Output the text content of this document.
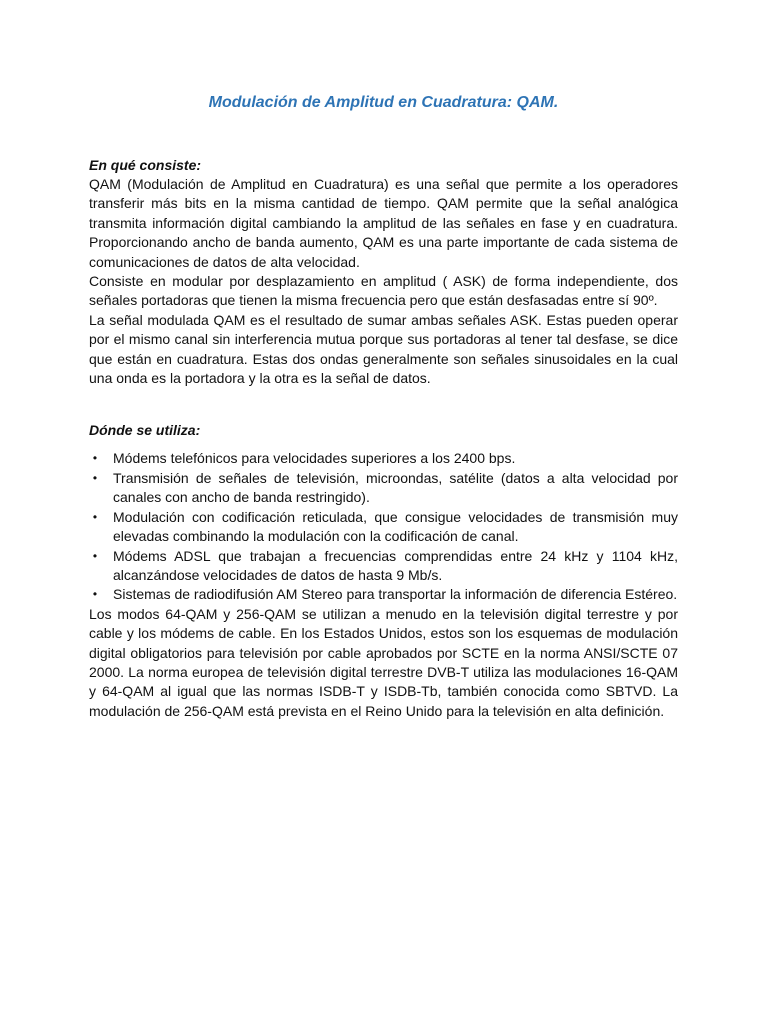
Modulación de Amplitud en Cuadratura: QAM.
En qué consiste:

QAM (Modulación de Amplitud en Cuadratura) es una señal que permite a los operadores transferir más bits en la misma cantidad de tiempo. QAM permite que la señal analógica transmita información digital cambiando la amplitud de las señales en fase y en cuadratura. Proporcionando ancho de banda aumento, QAM es una parte importante de cada sistema de comunicaciones de datos de alta velocidad.

Consiste en modular por desplazamiento en amplitud ( ASK) de forma independiente, dos señales portadoras que tienen la misma frecuencia pero que están desfasadas entre sí 90º.

La señal modulada QAM es el resultado de sumar ambas señales ASK. Estas pueden operar por el mismo canal sin interferencia mutua porque sus portadoras al tener tal desfase, se dice que están en cuadratura. Estas dos ondas generalmente son señales sinusoidales en la cual una onda es la portadora y la otra es la señal de datos.

Dónde se utiliza:
• Módems telefónicos para velocidades superiores a los 2400 bps.
• Transmisión de señales de televisión, microondas, satélite (datos a alta velocidad por canales con ancho de banda restringido).
• Modulación con codificación reticulada, que consigue velocidades de transmisión muy elevadas combinando la modulación con la codificación de canal.
• Módems ADSL que trabajan a frecuencias comprendidas entre 24 kHz y 1104 kHz, alcanzándose velocidades de datos de hasta 9 Mb/s.
• Sistemas de radiodifusión AM Stereo para transportar la información de diferencia Estéreo.

Los modos 64-QAM y 256-QAM se utilizan a menudo en la televisión digital terrestre y por cable y los módems de cable. En los Estados Unidos, estos son los esquemas de modulación digital obligatorios para televisión por cable aprobados por SCTE en la norma ANSI/SCTE 07 2000. La norma europea de televisión digital terrestre DVB-T utiliza las modulaciones 16-QAM y 64-QAM al igual que las normas ISDB-T y ISDB-Tb, también conocida como SBTVD. La modulación de 256-QAM está prevista en el Reino Unido para la televisión en alta definición.
